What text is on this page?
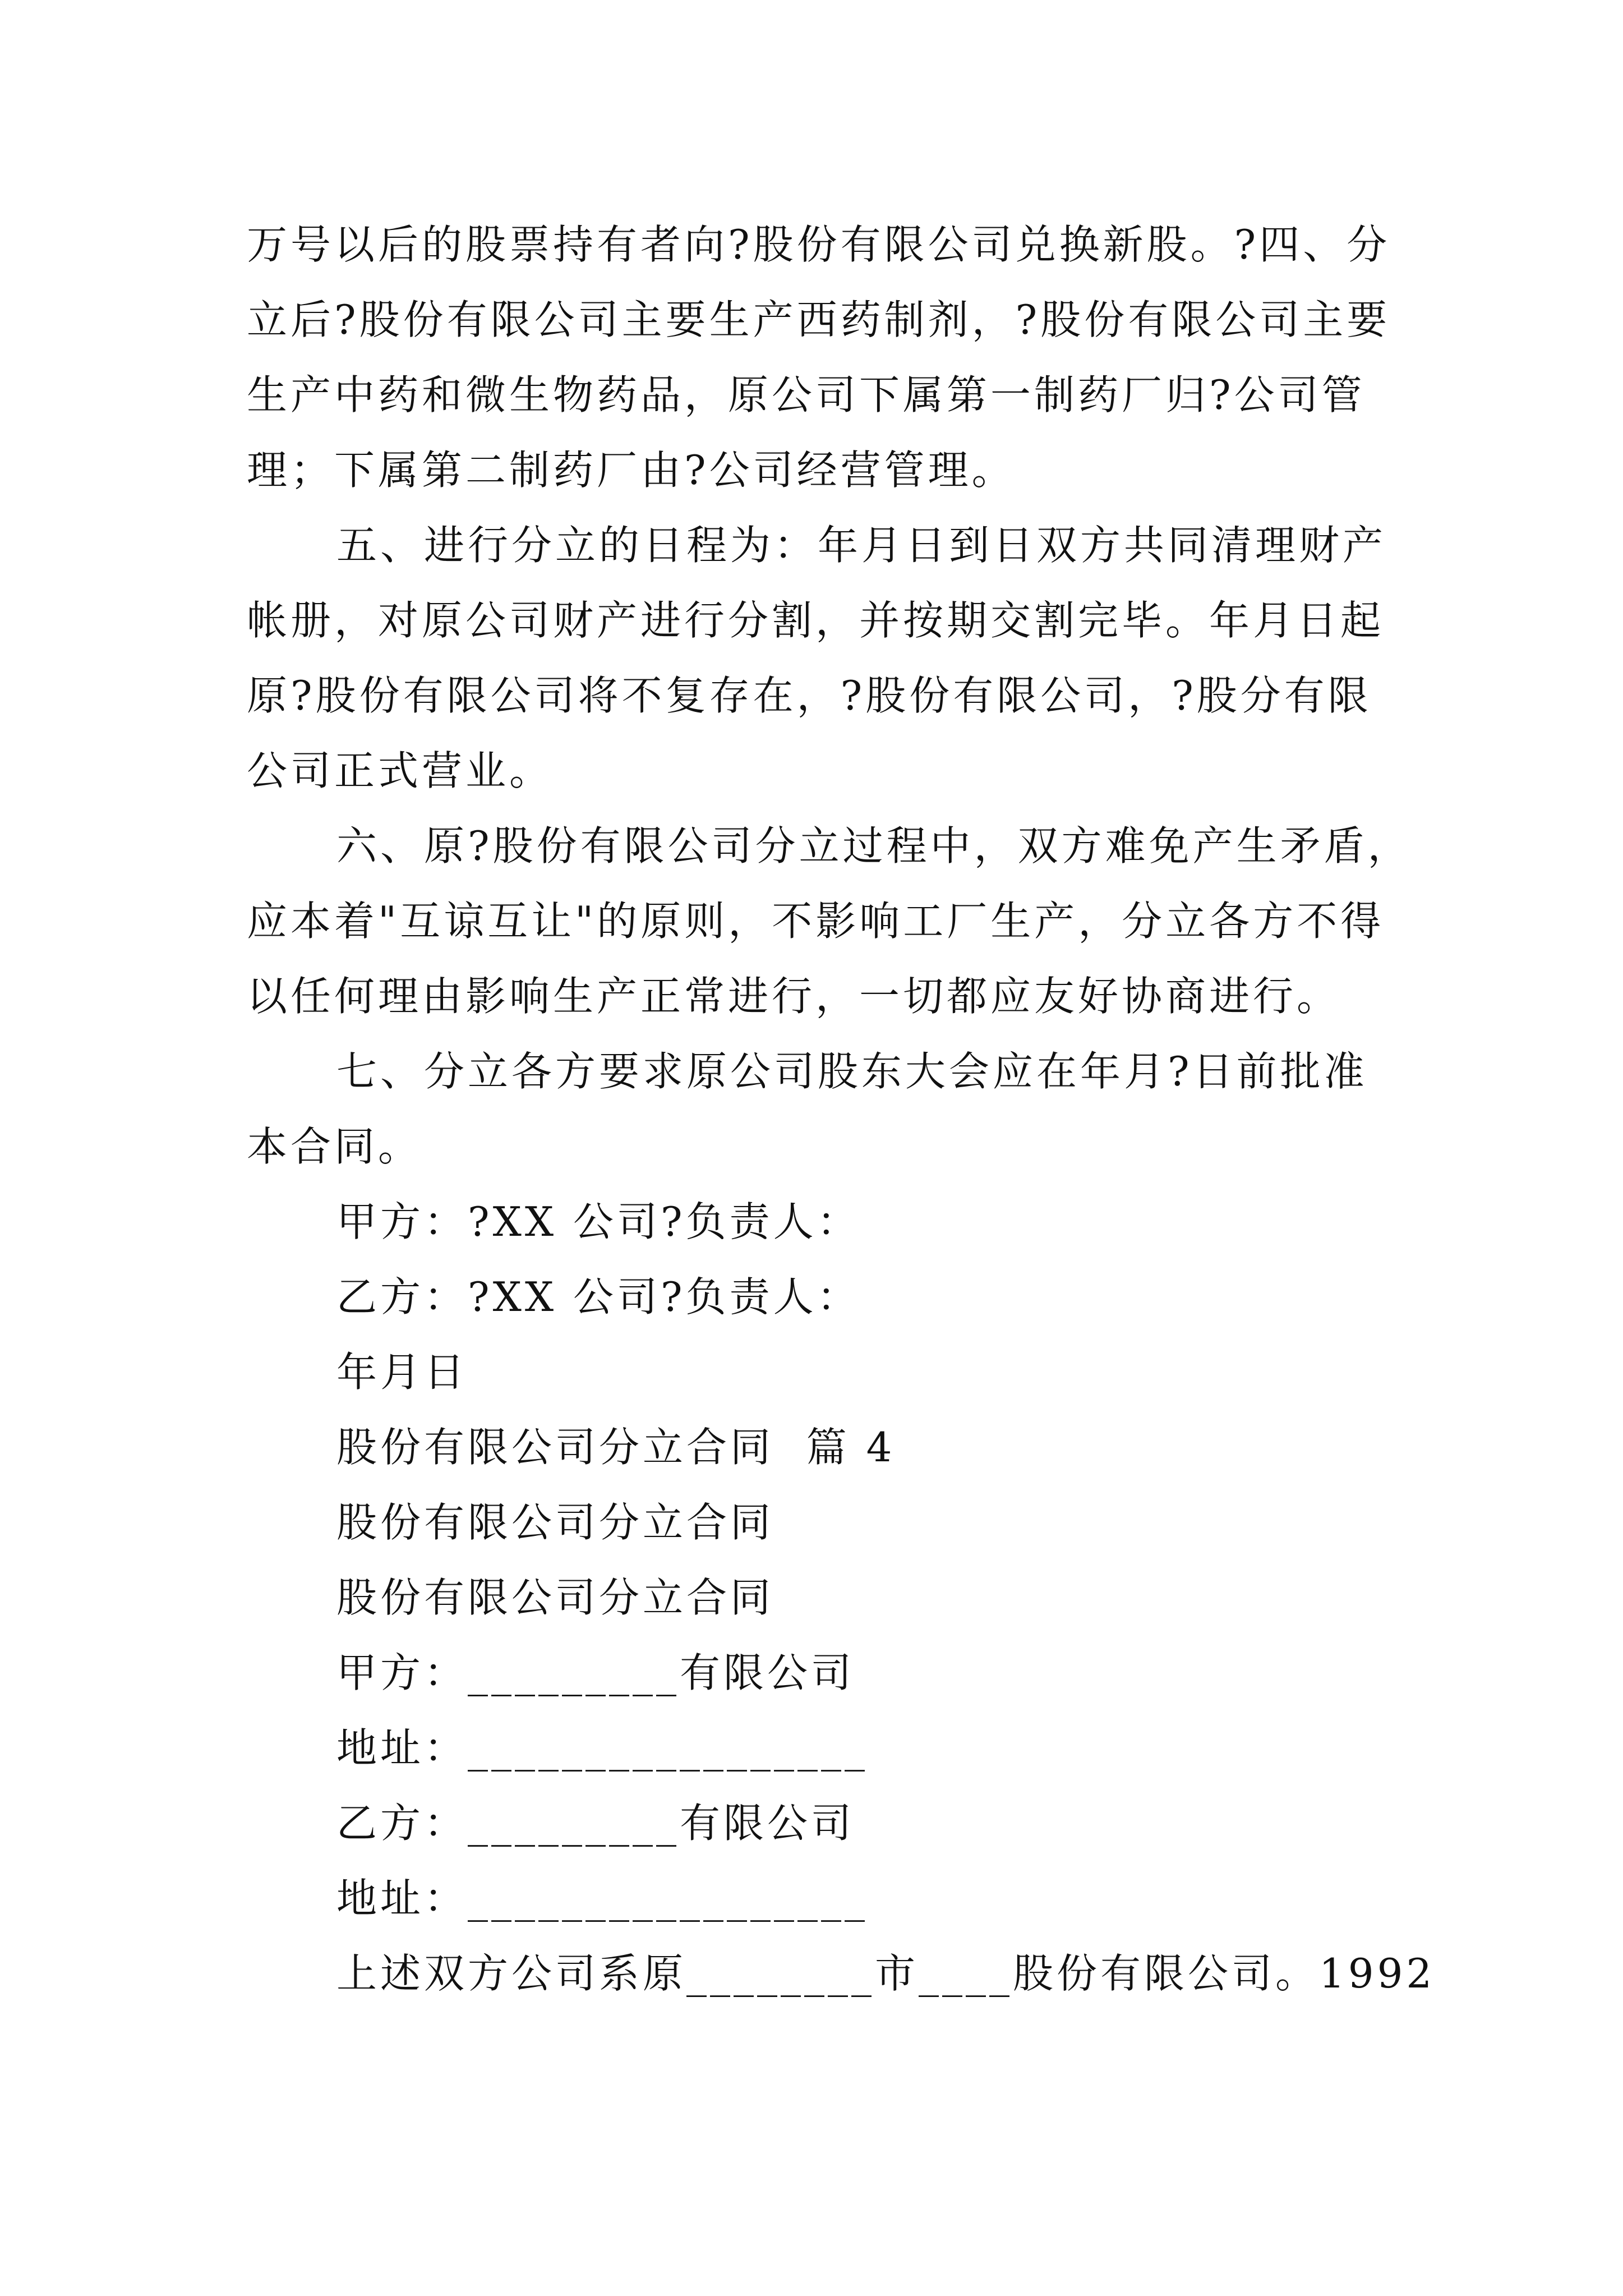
万号以后的股票持有者向?股份有限公司兑换新股。?四、分
立后?股份有限公司主要生产西药制剂，?股份有限公司主要
生产中药和微生物药品，原公司下属第一制药厂归?公司管
理；下属第二制药厂由?公司经营管理。
五、进行分立的日程为：年月日到日双方共同清理财产
帐册，对原公司财产进行分割，并按期交割完毕。年月日起
原?股份有限公司将不复存在，?股份有限公司，?股分有限
公司正式营业。
六、原?股份有限公司分立过程中，双方难免产生矛盾，
应本着"互谅互让"的原则，不影响工厂生产，分立各方不得
以任何理由影响生产正常进行，一切都应友好协商进行。
七、分立各方要求原公司股东大会应在年月?日前批准
本合同。
甲方：?XX 公司?负责人：
乙方：?XX 公司?负责人：
年月日
股份有限公司分立合同  篇 4
股份有限公司分立合同
股份有限公司分立合同
甲方：_________有限公司
地址：_________________
乙方：_________有限公司
地址：_________________
上述双方公司系原________市____股份有限公司。1992
